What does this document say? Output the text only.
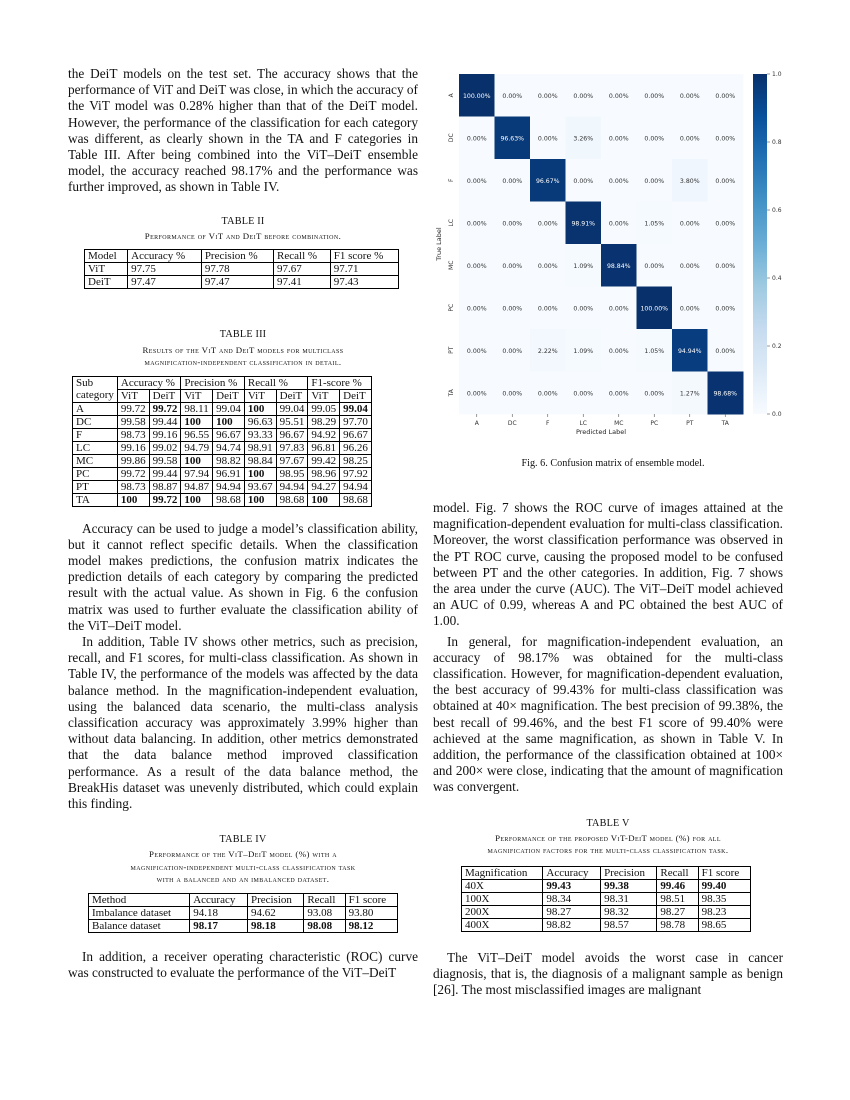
the DeiT models on the test set. The accuracy shows that the performance of ViT and DeiT was close, in which the accuracy of the ViT model was 0.28% higher than that of the DeiT model. However, the performance of the classification for each category was different, as clearly shown in the TA and F categories in Table III. After being combined into the ViT–DeiT ensemble model, the accuracy reached 98.17% and the performance was further improved, as shown in Table IV.

TABLE II
Performance of ViT and DeiT before combination.
Model	Accuracy %	Precision %	Recall %	F1 score %
ViT	97.75	97.78	97.67	97.71
DeiT	97.47	97.47	97.41	97.43
TABLE III
Results of the ViT and DeiT models for multiclass
magnification-independent classification in detail.
Sub	Accuracy %		Precision %		Recall %		F1-score %	
category	ViT	DeiT	ViT	DeiT	ViT	DeiT	ViT	DeiT
A	99.72	99.72	98.11	99.04	100	99.04	99.05	99.04
DC	99.58	99.44	100	100	96.63	95.51	98.29	97.70
F	98.73	99.16	96.55	96.67	93.33	96.67	94.92	96.67
LC	99.16	99.02	94.79	94.74	98.91	97.83	96.81	96.26
MC	99.86	99.58	100	98.82	98.84	97.67	99.42	98.25
PC	99.72	99.44	97.94	96.91	100	98.95	98.96	97.92
PT	98.73	98.87	94.87	94.94	93.67	94.94	94.27	94.94
TA	100	99.72	100	98.68	100	98.68	100	98.68

Accuracy can be used to judge a model’s classification ability, but it cannot reflect specific details. When the classification model makes predictions, the confusion matrix indicates the prediction details of each category by comparing the predicted result with the actual value. As shown in Fig. 6 the confusion matrix was used to further evaluate the classification ability of the ViT–DeiT model.

In addition, Table IV shows other metrics, such as precision, recall, and F1 scores, for multi-class classification. As shown in Table IV, the performance of the models was affected by the data balance method. In the magnification-independent evaluation, using the balanced data scenario, the multi-class analysis classification accuracy was approximately 3.99% higher than without data balancing. In addition, other metrics demonstrated that the data balance method improved classification performance. As a result of the data balance method, the BreakHis dataset was unevenly distributed, which could explain this finding.

TABLE IV
Performance of the ViT–DeiT model (%) with a
magnification-independent multi-class classification task
with a balanced and an imbalanced dataset.
Method	Accuracy	Precision	Recall	F1 score
Imbalance dataset	94.18	94.62	93.08	93.80
Balance dataset	98.17	98.18	98.08	98.12

In addition, a receiver operating characteristic (ROC) curve was constructed to evaluate the performance of the ViT–DeiT

100.00% 0.00%	0.00%	0.00%	0.00%	0.00%	0.00%	0.00%
0.00% 96.63% 0.00%	3.26%	0.00%	0.00%	0.00%	0.00%
0.00%	0.00% 96.67% 0.00%	0.00%	0.00%	3.80%	0.00%
0.00%	0.00%	0.00% 98.91% 0.00%	1.05%	0.00%	0.00%
0.00%	0.00%	0.00%	1.09% 98.84% 0.00%	0.00%	0.00%
0.00%	0.00%	0.00%	0.00%	0.00% 100.00% 0.00%	0.00%
0.00%	0.00%	2.22%	1.09%	0.00%	1.05% 94.94% 0.00%
0.00%	0.00%	0.00%	0.00%	0.00%	0.00%	1.27% 98.68%
A
A
DC
DC
F
F
LC
LC
MC
MC
PC
PC
PT
PT
TA
TA
True Label
Predicted Label
0.0
0.2
0.4
0.6
0.8
1.0
Fig. 6. Confusion matrix of ensemble model.

model. Fig. 7 shows the ROC curve of images attained at the magnification-dependent evaluation for multi-class classification. Moreover, the worst classification performance was observed in the PT ROC curve, causing the proposed model to be confused between PT and the other categories. In addition, Fig. 7 shows the area under the curve (AUC). The ViT–DeiT model achieved an AUC of 0.99, whereas A and PC obtained the best AUC of 1.00.

In general, for magnification-independent evaluation, an accuracy of 98.17% was obtained for the multi-class classification. However, for magnification-dependent evaluation, the best accuracy of 99.43% for multi-class classification was obtained at 40× magnification. The best precision of 99.38%, the best recall of 99.46%, and the best F1 score of 99.40% were achieved at the same magnification, as shown in Table V. In addition, the performance of the classification obtained at 100× and 200× were close, indicating that the amount of magnification was convergent.

TABLE V
Performance of the proposed ViT-DeiT model (%) for all
magnification factors for the multi-class classification task.
Magnification	Accuracy	Precision	Recall	F1 score
40X	99.43	99.38	99.46	99.40
100X	98.34	98.31	98.51	98.35
200X	98.27	98.32	98.27	98.23
400X	98.82	98.57	98.78	98.65

The ViT–DeiT model avoids the worst case in cancer diagnosis, that is, the diagnosis of a malignant sample as benign [26]. The most misclassified images are malignant
